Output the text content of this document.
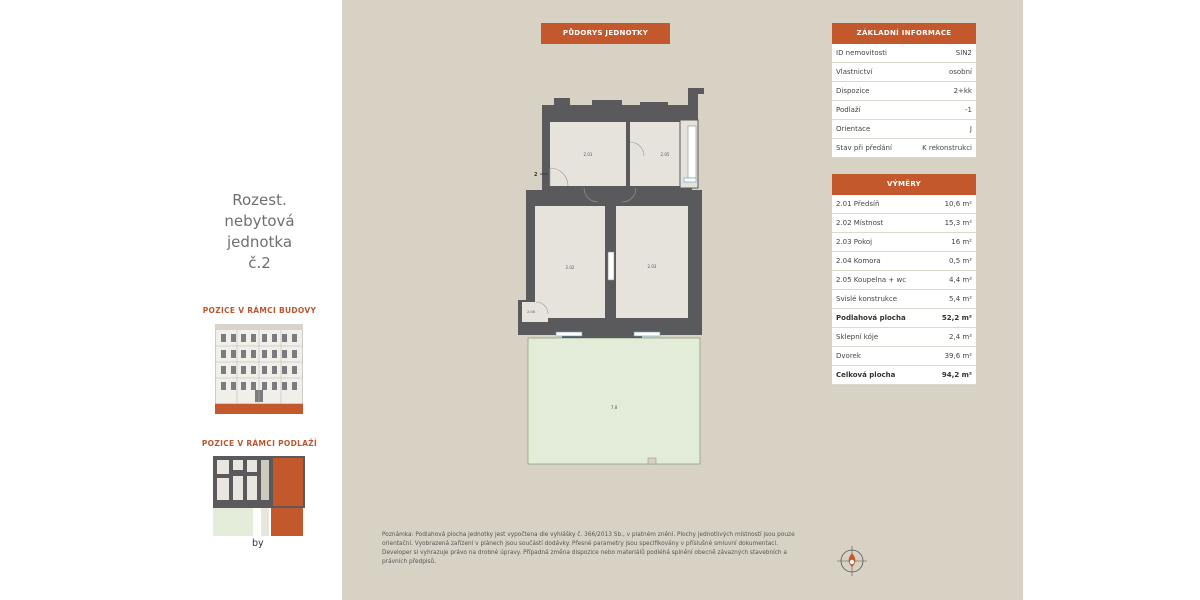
Rozest.
nebytová
jednotka
č.2
POZICE V RÁMCI BUDOVY
POZICE V RÁMCI PODLAŽÍ
by
PŮDORYS JEDNOTKY
2
2.01	2.05
2.02	2.03
2.06
7.8
ZÁKLADNÍ INFORMACE
ID nemovitosti	SIN2
Vlastnictví	osobní
Dispozice	2+kk
Podlaží	-1
Orientace	J
Stav při předání	K rekonstrukci
VÝMĚRY
2.01 Předsíň	10,6 m²
2.02 Místnost	15,3 m²
2.03 Pokoj	16 m²
2.04 Komora	0,5 m²
2.05 Koupelna + wc	4,4 m²
Svislé konstrukce	5,4 m²
Podlahová plocha	52,2 m²
Sklepní kóje	2,4 m²
Dvorek	39,6 m²
Celková plocha	94,2 m²
Poznámka: Podlahová plocha jednotky jest vypočtena dle vyhlášky č. 366/2013 Sb., v platném znění. Plochy jednotlivých místností jsou pouze orientační. Vyobrazená zařízení v plánech jsou součástí dodávky. Přesné parametry jsou specifikovány v příslušné smluvní dokumentaci. Developer si vyhrazuje právo na drobné úpravy. Případná změna dispozice nebo materiálů podléhá splnění obecně závazných stavebních a právních předpisů.
